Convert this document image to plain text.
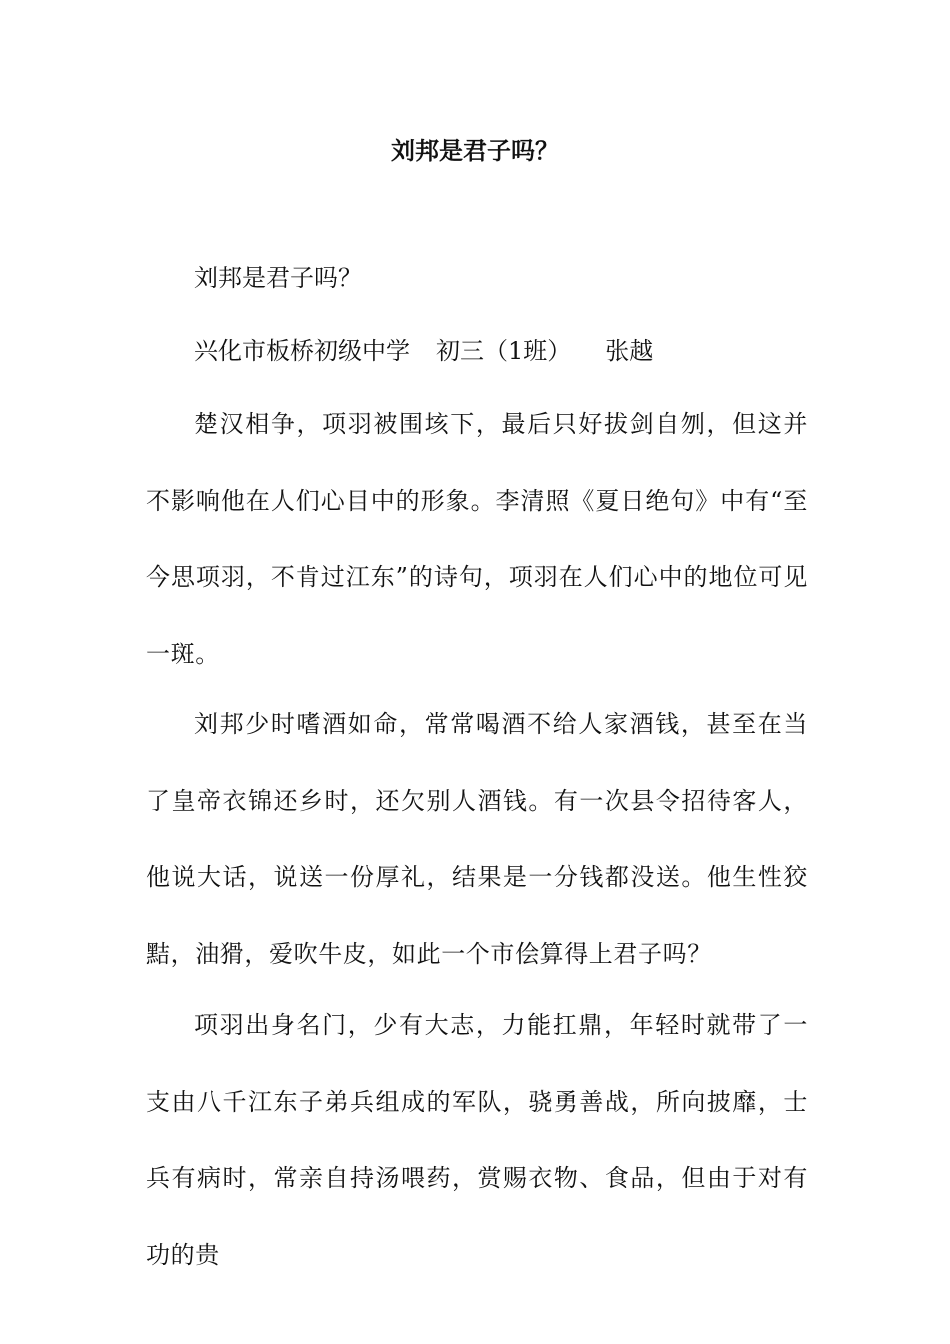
刘邦是君子吗？
刘邦是君子吗？
兴化市板桥初级中学 初三（1班） 张越

楚汉相争，项羽被围垓下，最后只好拔剑自刎，但这并不影响他在人们心目中的形象。李清照《夏日绝句》中有“至今思项羽，不肯过江东”的诗句，项羽在人们心中的地位可见一斑。

刘邦少时嗜酒如命，常常喝酒不给人家酒钱，甚至在当了皇帝衣锦还乡时，还欠别人酒钱。有一次县令招待客人，他说大话，说送一份厚礼，结果是一分钱都没送。他生性狡黠，油猾，爱吹牛皮，如此一个市侩算得上君子吗？

项羽出身名门，少有大志，力能扛鼎，年轻时就带了一支由八千江东子弟兵组成的军队，骁勇善战，所向披靡，士兵有病时，常亲自持汤喂药，赏赐衣物、食品，但由于对有功的贵
